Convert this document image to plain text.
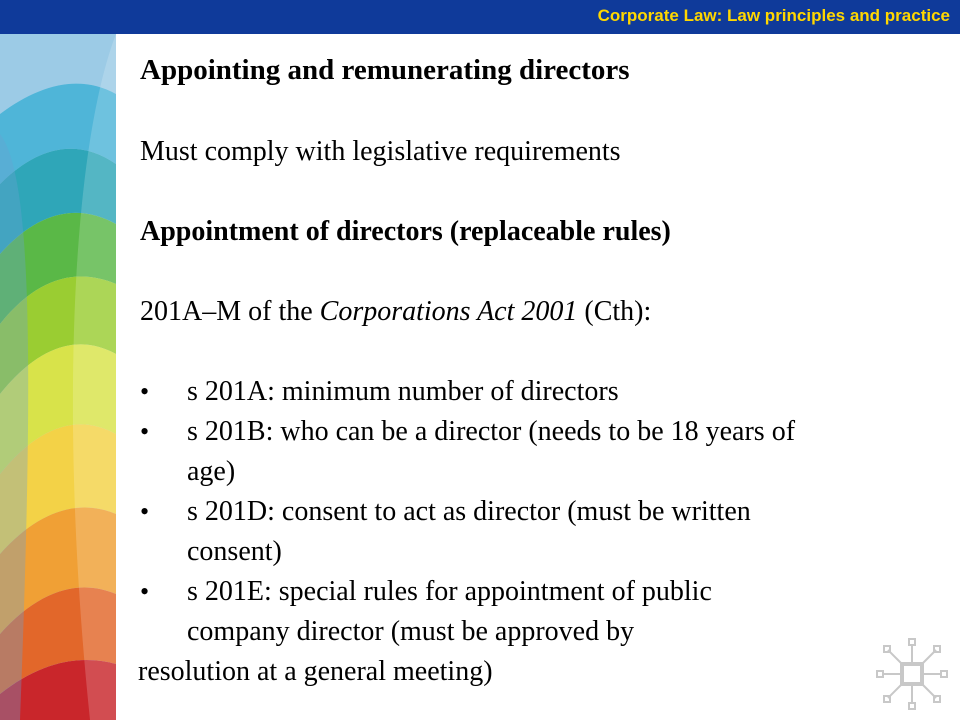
Corporate Law: Law principles and practice
Appointing and remunerating directors

Must comply with legislative requirements

Appointment of directors (replaceable rules)

201A–M of the Corporations Act 2001 (Cth):

• s 201A: minimum number of directors
• s 201B: who can be a director (needs to be 18 years of
age)
• s 201D: consent to act as director (must be written
consent)
• s 201E: special rules for appointment of public
company director (must be approved by
resolution at a general meeting)
